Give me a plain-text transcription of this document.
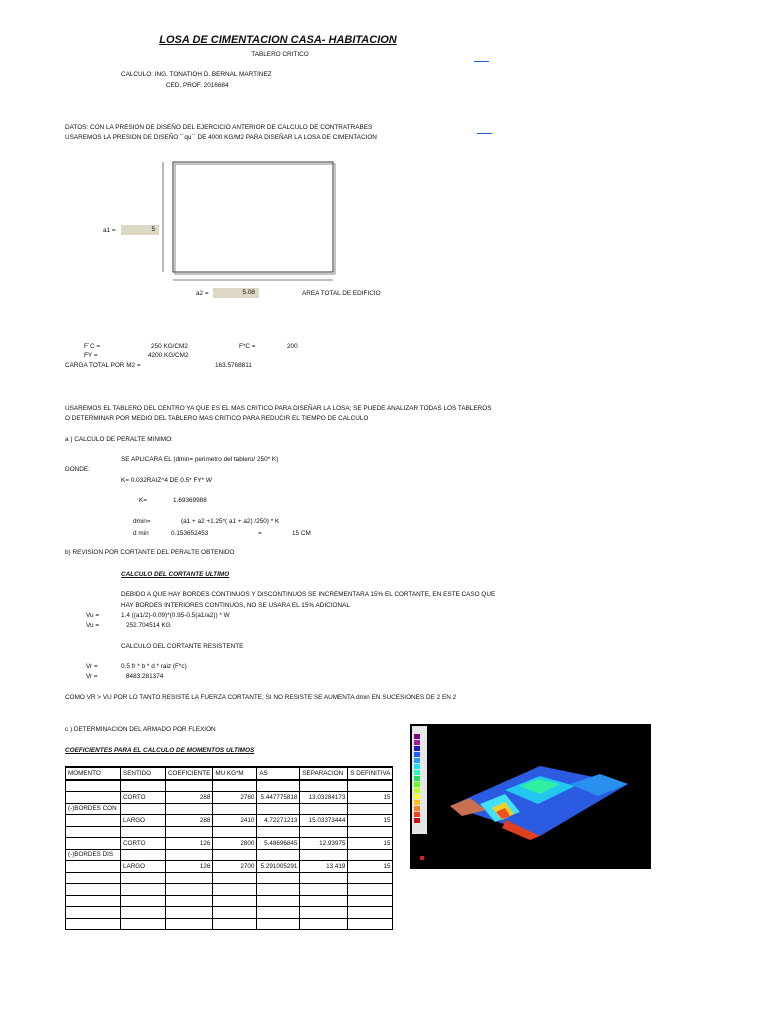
LOSA DE CIMENTACION CASA- HABITACION
TABLERO CRITICO
CALCULO: ING. TONATIOH D. BERNAL MARTINEZ
CED. PROF. 2016684
DATOS: CON LA PRESION DE DISEÑO DEL EJERCICIO ANTERIOR DE CALCULO DE CONTRATRABES
USAREMOS LA PRESION DE DISEÑO ´´qu´´ DE 4000 KG/M2 PARA DISEÑAR LA LOSA DE CIMENTACION
a1 =	5
a2 =	5.08	AREA TOTAL DE EDIFICIO
F´C =	250 KG/CM2	F*C =	200
FY =	4200 KG/CM2
CARGA TOTAL POR M2 =	163.5768811
USAREMOS EL TABLERO DEL CENTRO YA QUE ES EL MAS CRITICO PARA DISEÑAR LA LOSA; SE PUEDE ANALIZAR TODAS LOS TABLEROS
O DETERMINAR POR MEDIO DEL TABLERO MAS CRITICO PARA REDUCIR EL TIEMPO DE CALCULO
a ) CALCULO DE PERALTE MINIMO:
SE APLICARA EL (dmin= perimetro del tablero/ 250* K)
DONDE:
K= 0.032RAIZ^4 DE 0.5* FY* W
K=	1.69369988
dmin=	(a1 + a2 +1.25*( a1 + a2) /250) * K
d min	0.153652453	=	15 CM
b) REVISION POR CORTANTE DEL PERALTE OBTENIDO
CALCULO DEL CORTANTE ULTIMO
DEBIDO A QUE HAY BORDES CONTINUOS Y DISCONTINUOS SE INCREMENTARA 15% EL CORTANTE, EN ESTE CASO QUE
HAY BORDES INTERIORES CONTINUOS, NO SE USARA EL 15% ADICIONAL
Vu =	1.4 ((a1/2)-0.09)*(0.95-0.5(a1/a2)) * W
Vu =	252.704514 KG
CALCULO DEL CORTANTE RESISTENTE
Vr =	0.5 fr * b * d * raiz (F*c)
Vr =	8483.281374
COMO VR > VU POR LO TANTO RESISTE LA FUERZA CORTANTE; SI NO RESISTE SE AUMENTA dmin EN SUCESIONES DE 2 EN 2
c ) DETERMINACION DEL ARMADO POR FLEXION
COEFICIENTES PARA EL CALCULO DE MOMENTOS ULTIMOS
MOMENTO	SENTIDO	COEFICIENTE	MU KG*M	AS	SEPARACION	S DEFINITIVA

	CORTO	288	2780	5.447775818	13.03284173	15
(-)BORDES CON						
	LARGO	288	2410	4.72271213	15.03373444	15

	CORTO	126	2800	5.48696845	12.93975	15
(-)BORDES DIS						
	LARGO	126	2700	5.291005291	13.419	15
